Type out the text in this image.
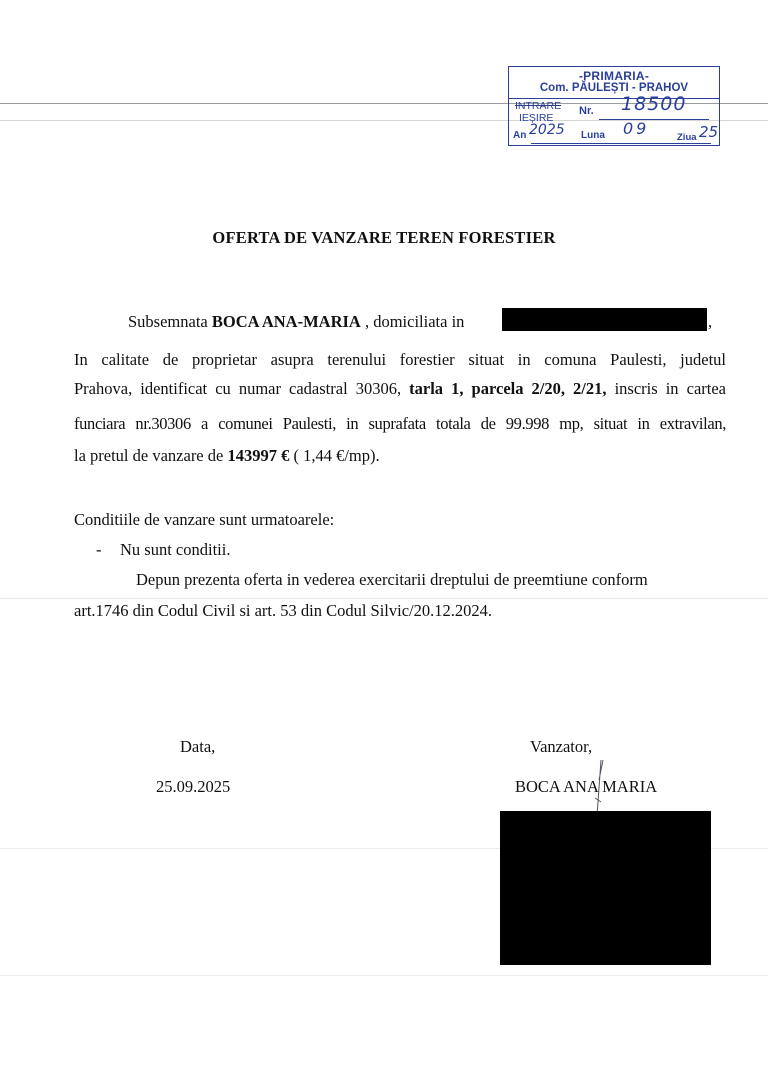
-PRIMARIA-
Com. PĂULEȘTI - PRAHOV
INTRARE
IEȘIRE
Nr. 18500
An 2025 Luna 09	Ziua 25
OFERTA DE VANZARE TEREN FORESTIER
Subsemnata BOCA ANA-MARIA , domiciliata in	,
In calitate de proprietar asupra terenului forestier situat in comuna Paulesti, judetul
Prahova, identificat cu numar cadastral 30306, tarla 1, parcela 2/20, 2/21, inscris in cartea
funciara nr.30306 a comunei Paulesti, in suprafata totala de 99.998 mp, situat in extravilan,
la pretul de vanzare de 143997 € ( 1,44 €/mp).
Conditiile de vanzare sunt urmatoarele:
- Nu sunt conditii.
Depun prezenta oferta in vederea exercitarii dreptului de preemtiune conform
art.1746 din Codul Civil si art. 53 din Codul Silvic/20.12.2024.
Data,
25.09.2025
Vanzator,
BOCA ANA MARIA
